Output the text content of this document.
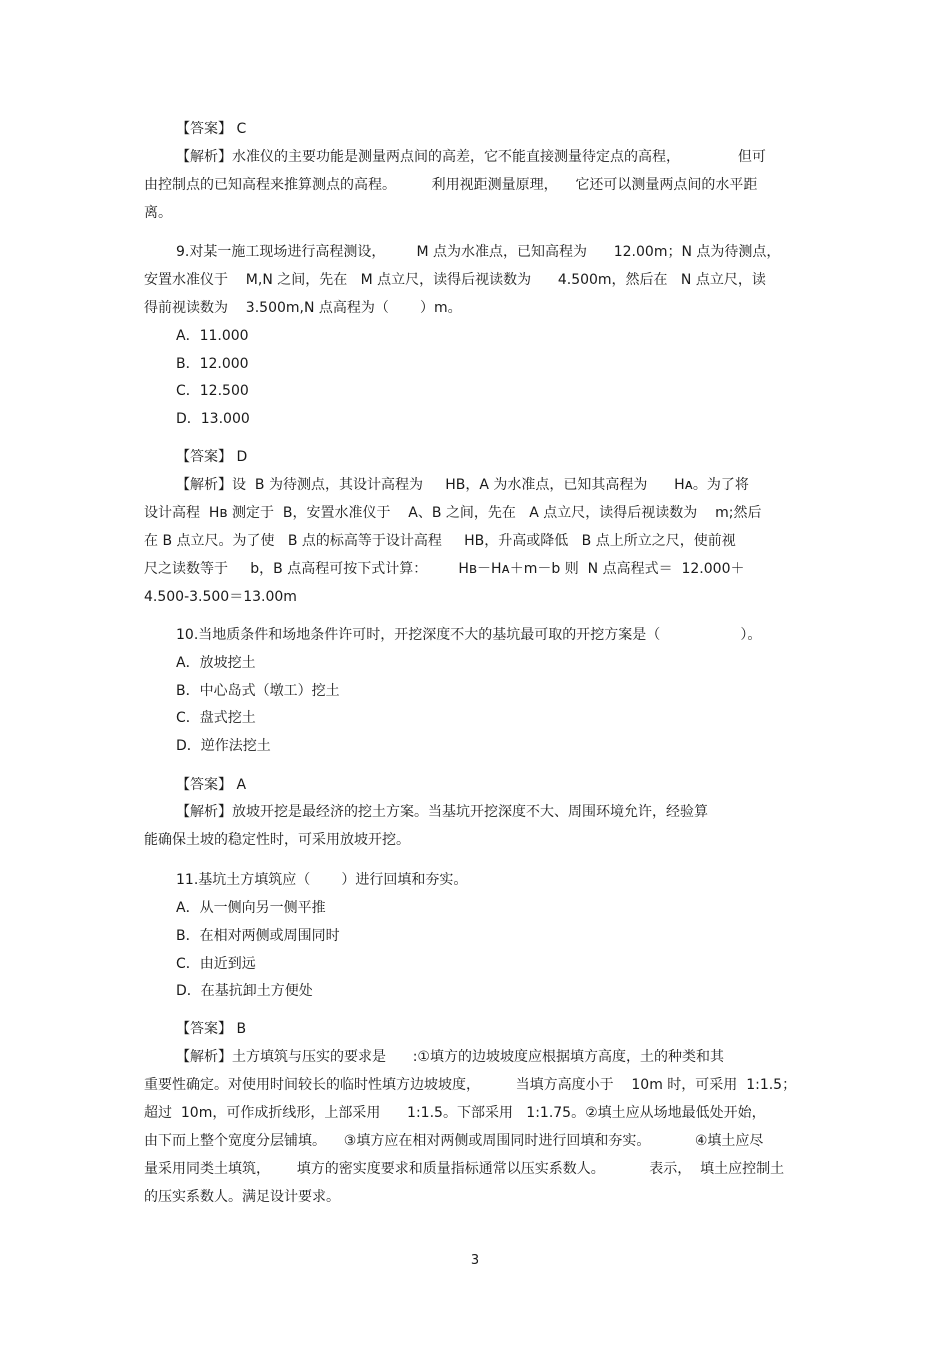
【答案】 C
【解析】水准仪的主要功能是测量两点间的高差，它不能直接测量待定点的高程，             但可
由控制点的已知高程来推算测点的高程。        利用视距测量原理，    它还可以测量两点间的水平距
离。
9.对某一施工现场进行高程测设，       M 点为水准点，已知高程为      12.00m；N 点为待测点，
安置水准仪于    M,N 之间，先在   M 点立尺，读得后视读数为      4.500m，然后在   N 点立尺，读
得前视读数为    3.500m,N 点高程为（       ）m。
A．11.000
B．12.000
C．12.500
D．13.000
【答案】 D
【解析】设  B 为待测点，其设计高程为     HB，A 为水准点，已知其高程为      Hᴀ。为了将
设计高程  Hʙ 测定于  B，安置水准仪于    A、B 之间，先在   A 点立尺，读得后视读数为    m;然后
在 B 点立尺。为了使   B 点的标高等于设计高程     HB，升高或降低   B 点上所立之尺，使前视
尺之读数等于     b，B 点高程可按下式计算：       Hʙ－Hᴀ＋m－b 则  N 点高程式＝  12.000＋
4.500-3.500＝13.00m
10.当地质条件和场地条件许可时，开挖深度不大的基坑最可取的开挖方案是（                  ）。
A．放坡挖土
B．中心岛式（墩工）挖土
C．盘式挖土
D．逆作法挖土
【答案】 A
【解析】放坡开挖是最经济的挖土方案。当基坑开挖深度不大、周围环境允许，经验算
能确保土坡的稳定性时，可采用放坡开挖。
11.基坑土方填筑应（       ）进行回填和夯实。
A．从一侧向另一侧平推
B．在相对两侧或周围同时
C．由近到远
D．在基抗卸土方便处
【答案】 B
【解析】土方填筑与压实的要求是      :①填方的边坡坡度应根据填方高度，土的种类和其
重要性确定。对使用时间较长的临时性填方边坡坡度，        当填方高度小于    10m 时，可采用  1:1.5；
超过  10m，可作成折线形，上部采用      1:1.5。下部采用   1:1.75。②填土应从场地最低处开始，
由下而上整个宽度分层铺填。    ③填方应在相对两侧或周围同时进行回填和夯实。          ④填土应尽
量采用同类土填筑，      填方的密实度要求和质量指标通常以压实系数人。          表示，  填土应控制土
的压实系数人。满足设计要求。
3
